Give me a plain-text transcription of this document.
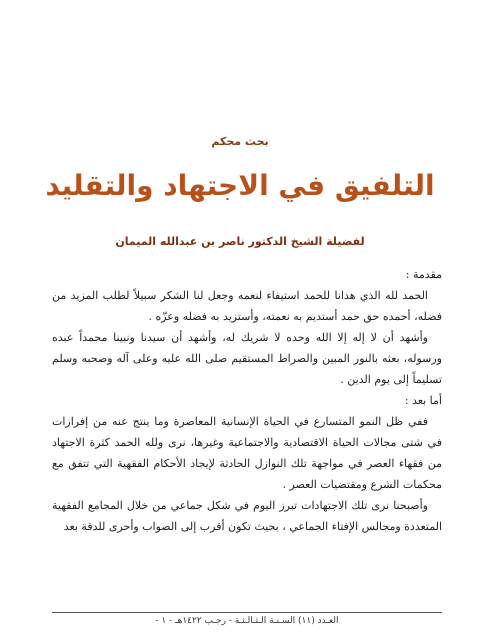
بحث محكم
التلفيق في الاجتهاد والتقليد
لفضيلة الشيخ الدكتور ناصر بن عبدالله الميمان

مقدمة :

الحمد لله الذي هدانا للحمد استيفاء لنعمه وجعل لنا الشكر سبيلاً لطلب المزيد من فضله، أحمده حق حمد أستديم به نعمته، وأستزيد به فضله وعزّه .

وأشهد أن لا إله إلا الله وحده لا شريك له، وأشهد أن سيدنا ونبينا محمداً عبده ورسوله، بعثه بالنور المبين والصراط المستقيم صلى الله عليه وعلى آله وصحبه وسلم تسليماً إلى يوم الدين .

أما بعد :

ففي ظل النمو المتسارع في الحياة الإنسانية المعاصرة وما ينتج عنه من إفرازات في شتى مجالات الحياة الاقتصادية والاجتماعية وغيرها، نرى ولله الحمد كثرة الاجتهاد من فقهاء العصر في مواجهة تلك النوازل الحادثة لإيجاد الأحكام الفقهية التي تتفق مع محكمات الشرع ومقتضيات العصر .

وأصبحنا نرى تلك الاجتهادات تبرز اليوم في شكل جماعي من خلال المجامع الفقهية المتعددة ومجالس الإفتاء الجماعي ، بحيث تكون أقرب إلى الصواب وأحرى للدقة بعد

العـدد (١١) السـنـة الـثـالـثـة - رجـب ١٤٢٢هـ - ١ -
